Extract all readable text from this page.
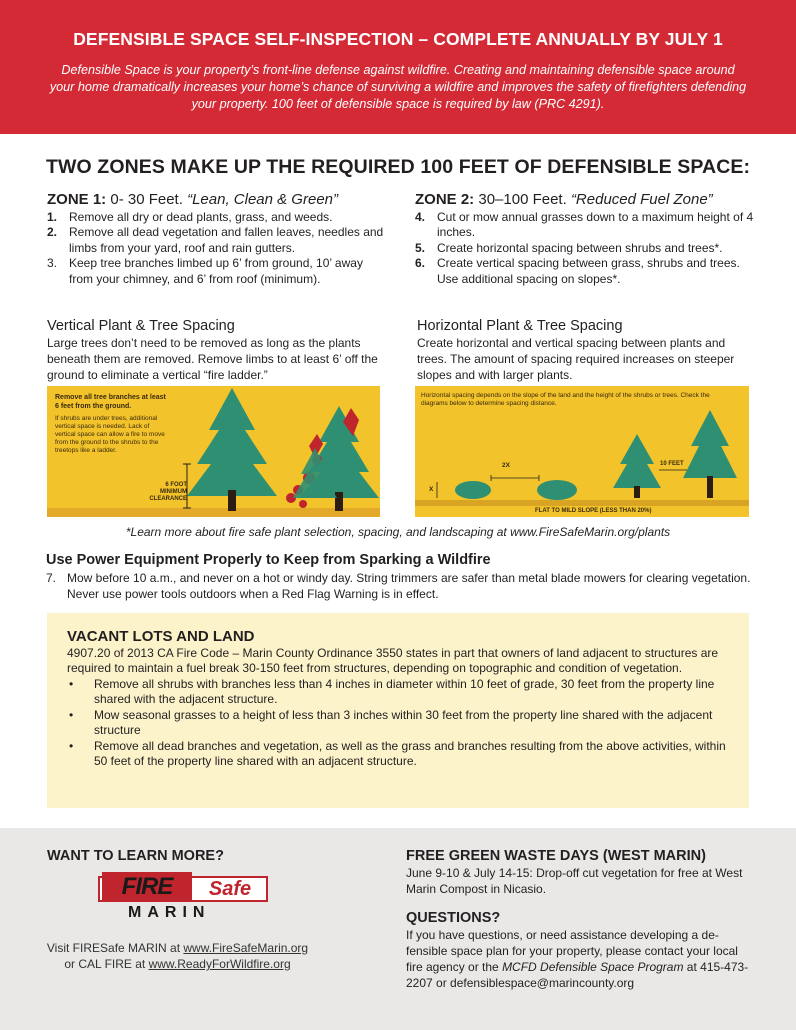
DEFENSIBLE SPACE SELF-INSPECTION – COMPLETE ANNUALLY BY JULY 1

Defensible Space is your property’s front-line defense against wildfire. Creating and maintaining defensible space around your home dramatically increases your home’s chance of surviving a wildfire and improves the safety of firefighters defending your property. 100 feet of defensible space is required by law (PRC 4291).

TWO ZONES MAKE UP THE REQUIRED 100 FEET OF DEFENSIBLE SPACE:
ZONE 1: 0- 30 Feet. “Lean, Clean & Green”
1. Remove all dry or dead plants, grass, and weeds.
2. Remove all dead vegetation and fallen leaves, needles and limbs from your yard, roof and rain gutters.
3. Keep tree branches limbed up 6’ from ground, 10’ away from your chimney, and 6’ from roof (minimum).
ZONE 2: 30–100 Feet. “Reduced Fuel Zone”
4. Cut or mow annual grasses down to a maximum height of 4 inches.
5. Create horizontal spacing between shrubs and trees*.
6. Create vertical spacing between grass, shrubs and trees. Use additional spacing on slopes*.
Vertical Plant & Tree Spacing

Large trees don’t need to be removed as long as the plants beneath them are removed. Remove limbs to at least 6’ off the ground to eliminate a vertical “fire ladder.”

Horizontal Plant & Tree Spacing

Create horizontal and vertical spacing between plants and trees. The amount of spacing required increases on steeper slopes and with larger plants.

Remove all tree branches at least 6 feet from the ground.
If shrubs are under trees, additional vertical space is needed. Lack of vertical space can allow a fire to move from the ground to the shrubs to the treetops like a ladder.
6 FOOT MINIMUM CLEARANCE
Horizontal spacing depends on the slope of the land and the height of the shrubs or trees. Check the diagrams below to determine spacing distance.
2X
X
10 FEET
FLAT TO MILD SLOPE (LESS THAN 20%)
*Learn more about fire safe plant selection, spacing, and landscaping at www.FireSafeMarin.org/plants
Use Power Equipment Properly to Keep from Sparking a Wildfire

7. Mow before 10 a.m., and never on a hot or windy day. String trimmers are safer than metal blade mowers for clearing vegetation. Never use power tools outdoors when a Red Flag Warning is in effect.

VACANT LOTS AND LAND

4907.20 of 2013 CA Fire Code – Marin County Ordinance 3550 states in part that owners of land adjacent to structures are required to maintain a fuel break 30-150 feet from structures, depending on topographic and condition of vegetation.

• Remove all shrubs with branches less than 4 inches in diameter within 10 feet of grade, 30 feet from the property line shared with the adjacent structure.
• Mow seasonal grasses to a height of less than 3 inches within 30 feet from the property line shared with the adjacent structure
• Remove all dead branches and vegetation, as well as the grass and branches resulting from the above activities, within 50 feet of the property line shared with an adjacent structure.
WANT TO LEARN MORE?
FIRE	Safe
MARIN
Visit FIRESafe MARIN at www.FireSafeMarin.org
or CAL FIRE at www.ReadyForWildfire.org
FREE GREEN WASTE DAYS (WEST MARIN)

June 9-10 & July 14-15: Drop-off cut vegetation for free at West Marin Compost in Nicasio.

QUESTIONS?

If you have questions, or need assistance developing a defensible space plan for your property, please contact your local fire agency or the MCFD Defensible Space Program at 415-473-2207 or defensiblespace@marincounty.org
